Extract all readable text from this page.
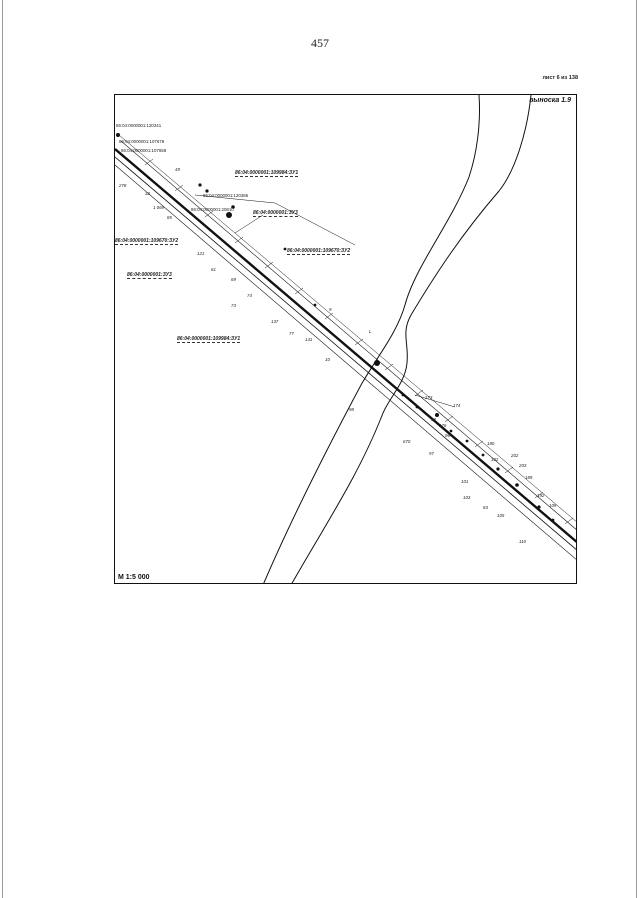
457
лист 6 из 138
выноска 1.9
М 1:5 000
86:04:0000001:120341
86:04:0000001:107678
86:04:0000001:107658
86:04:0000001:109984:ЗУ1
86:04:0000001:120386
86:04:0000001:20810
86:04:0000001:ЗУ3
86:04:0000001:109670:ЗУ2
86:04:0000001:109670:ЗУ2
86:04:0000001:ЗУ3
86:04:0000001:109984:ЗУ1
49
278
32
1 069
85
121
61
69
74
73
137
77
141
10
98
173
174
93
176
96
670
97
180
102
202
203
189
101
103
83
105
192
109
110
9
L
